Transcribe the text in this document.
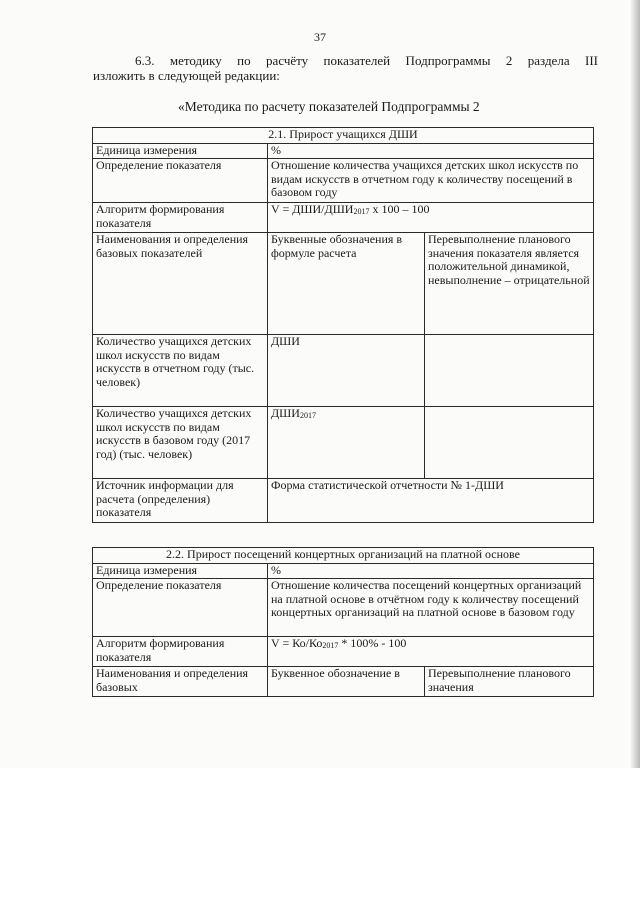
37
6.3. методику по расчёту показателей Подпрограммы 2 раздела III
изложить в следующей редакции:
«Методика по расчету показателей Подпрограммы 2
2.1. Прирост учащихся ДШИ		
Единица измерения	%	
Определение показателя	Отношение количества учащихся детских школ искусств по видам искусств в отчетном году к количеству посещений в базовом году	
Алгоритм формирования показателя	V = ДШИ/$ДШИ_{2017}$ х 100 – 100	
Наименования и определения базовых показателей	Буквенные обозначения в формуле расчета	Перевыполнение планового значения показателя является положительной динамикой, невыполнение – отрицательной
Количество учащихся детских школ искусств по видам искусств в отчетном году (тыс. человек)	ДШИ	
Количество учащихся детских школ искусств по видам искусств в базовом году (2017 год) (тыс. человек)	$ДШИ_{2017}$	
Источник информации для расчета (определения) показателя	Форма статистической отчетности № 1-ДШИ	
2.2. Прирост посещений концертных организаций на платной основе		
Единица измерения	%	
Определение показателя	Отношение количества посещений концертных организаций на платной основе в отчётном году к количеству посещений концертных организаций на платной основе в базовом году	
Алгоритм формирования показателя	$V = Ко/Ко_{2017} * 100\% - 100$	
Наименования и определения базовых	Буквенное обозначение в	Перевыполнение планового значения
